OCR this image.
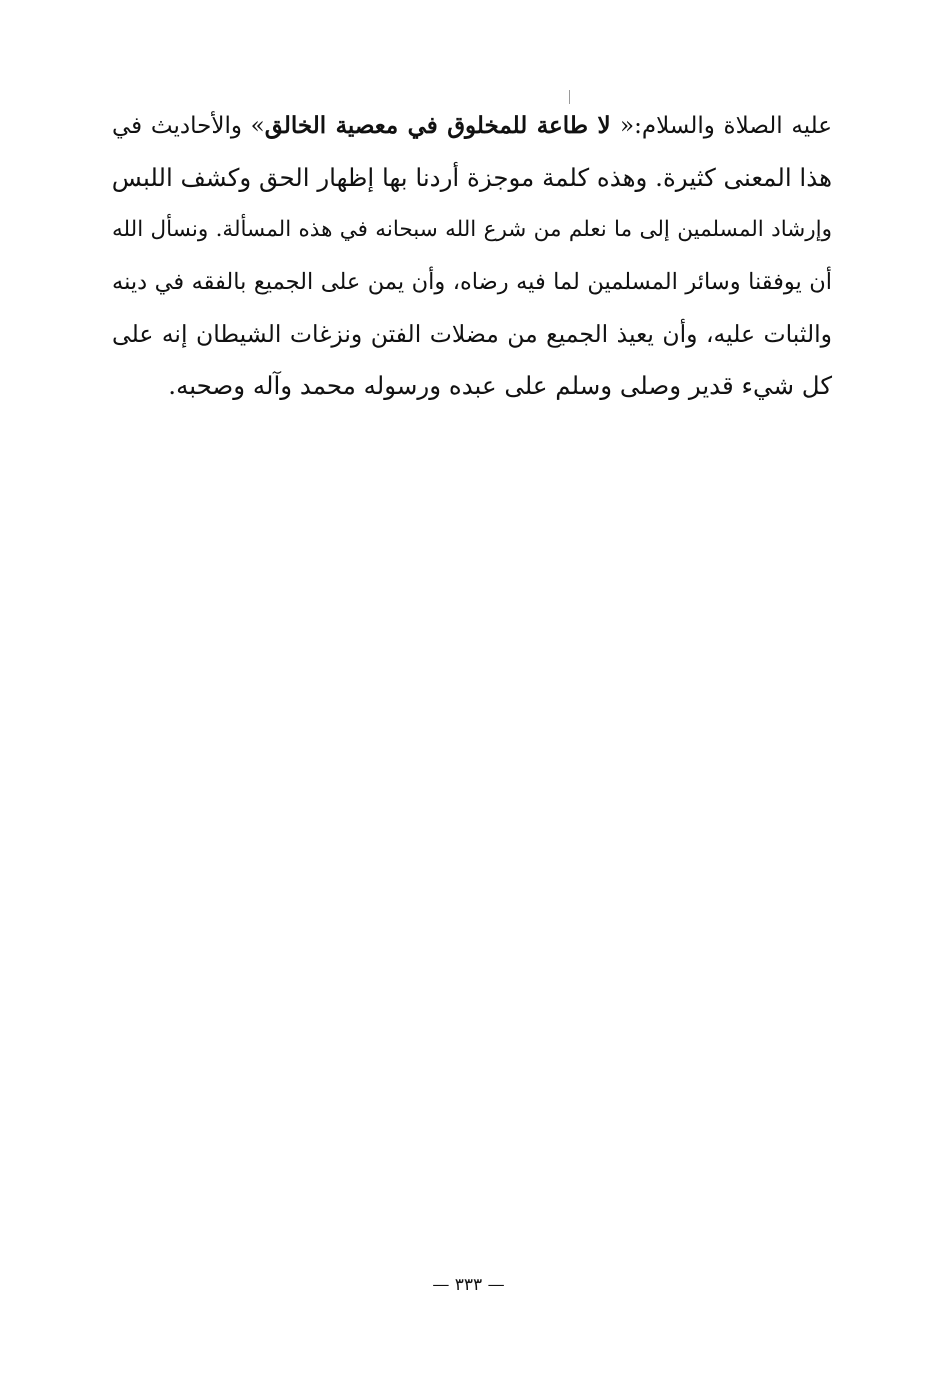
عليه الصلاة والسلام:« لا طاعة للمخلوق في معصية الخالق» والأحاديث في
هذا المعنى كثيرة. وهذه كلمة موجزة أردنا بها إظهار الحق وكشف اللبس
وإرشاد المسلمين إلى ما نعلم من شرع الله سبحانه في هذه المسألة. ونسأل الله
أن يوفقنا وسائر المسلمين لما فيه رضاه، وأن يمن على الجميع بالفقه في دينه
والثبات عليه، وأن يعيذ الجميع من مضلات الفتن ونزغات الشيطان إنه على
كل شيء قدير وصلى وسلم على عبده ورسوله محمد وآله وصحبه.
— ٣٣٣ —
